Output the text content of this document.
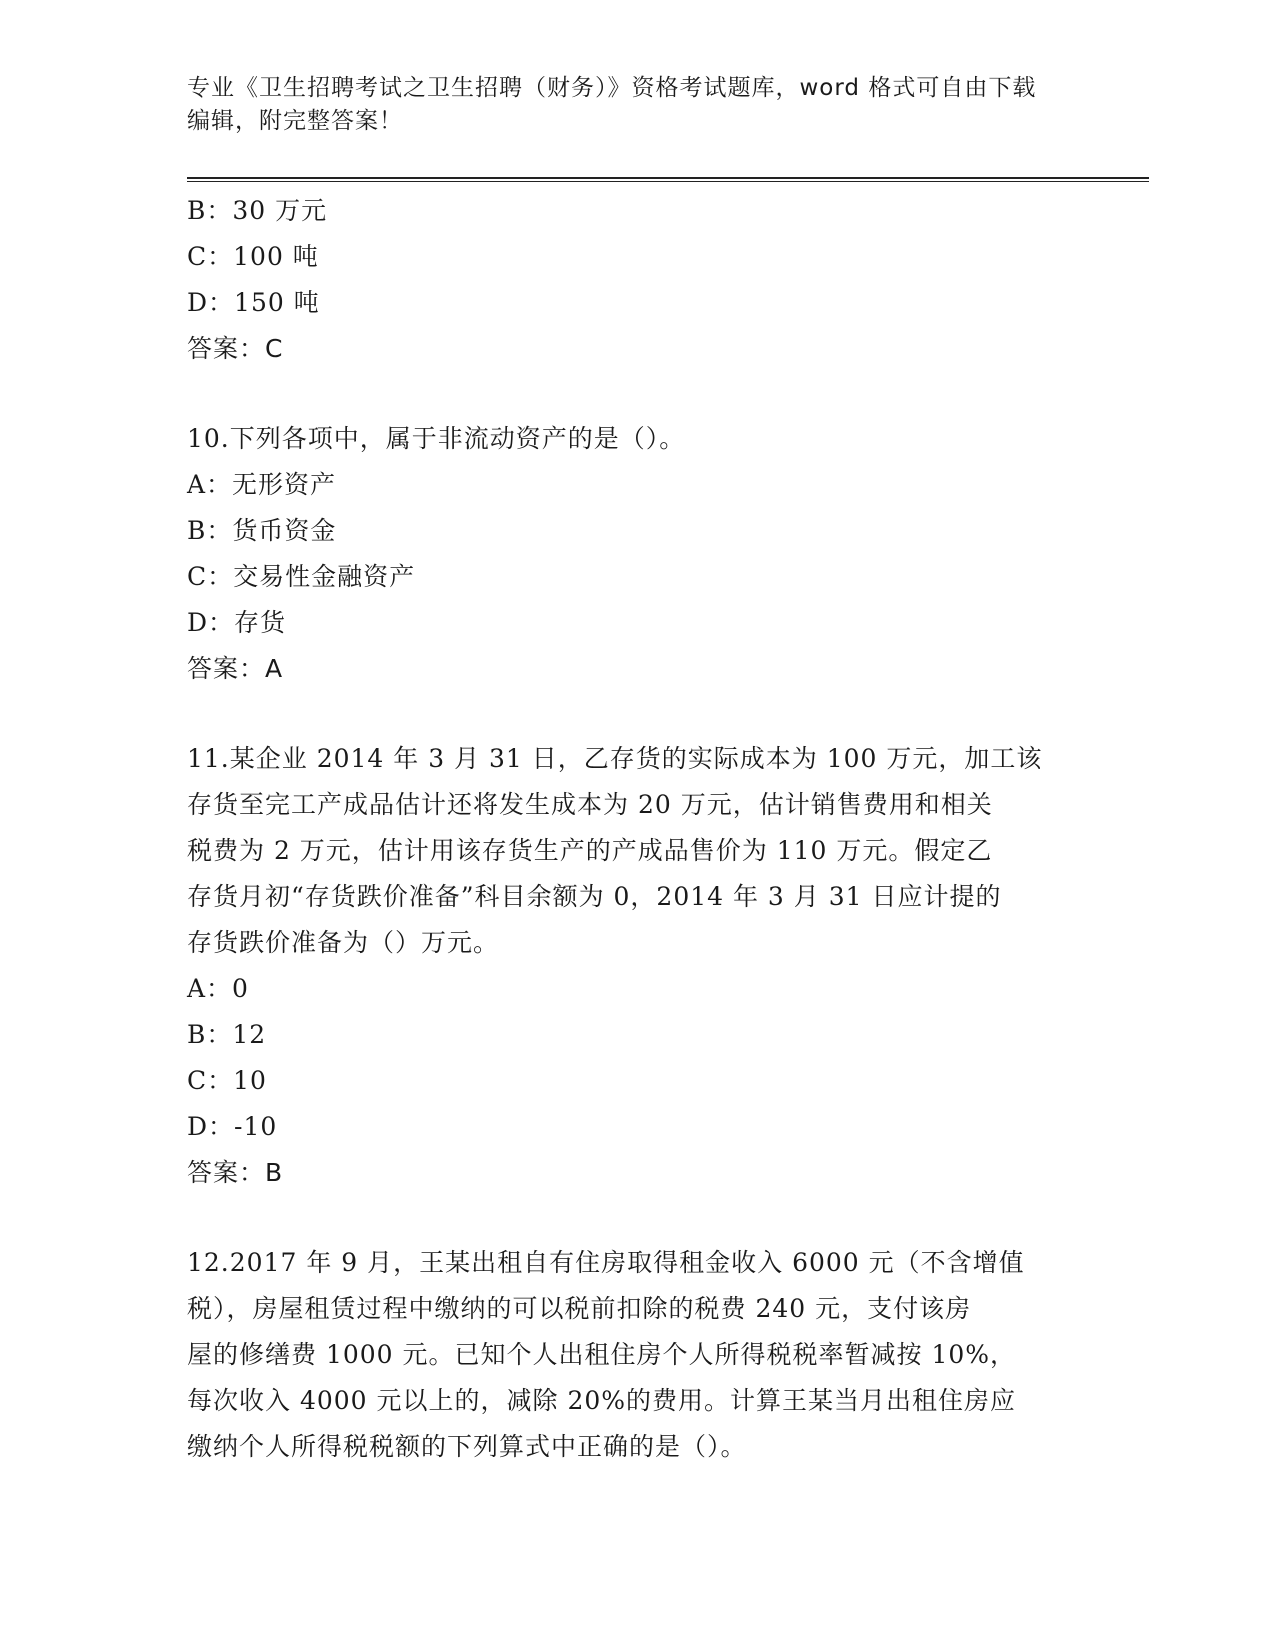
专业《卫生招聘考试之卫生招聘（财务）》资格考试题库，word 格式可自由下载
编辑，附完整答案！
B：30 万元
C：100 吨
D：150 吨
答案：C
10.下列各项中，属于非流动资产的是（）。
A：无形资产
B：货币资金
C：交易性金融资产
D：存货
答案：A
11.某企业 2014 年 3 月 31 日，乙存货的实际成本为 100 万元，加工该
存货至完工产成品估计还将发生成本为 20 万元，估计销售费用和相关
税费为 2 万元，估计用该存货生产的产成品售价为 110 万元。假定乙
存货月初“存货跌价准备”科目余额为 0，2014 年 3 月 31 日应计提的
存货跌价准备为（）万元。
A：0
B：12
C：10
D：-10
答案：B
12.2017 年 9 月，王某出租自有住房取得租金收入 6000 元（不含增值
税），房屋租赁过程中缴纳的可以税前扣除的税费 240 元，支付该房
屋的修缮费 1000 元。已知个人出租住房个人所得税税率暂减按 10%，
每次收入 4000 元以上的，减除 20%的费用。计算王某当月出租住房应
缴纳个人所得税税额的下列算式中正确的是（）。
